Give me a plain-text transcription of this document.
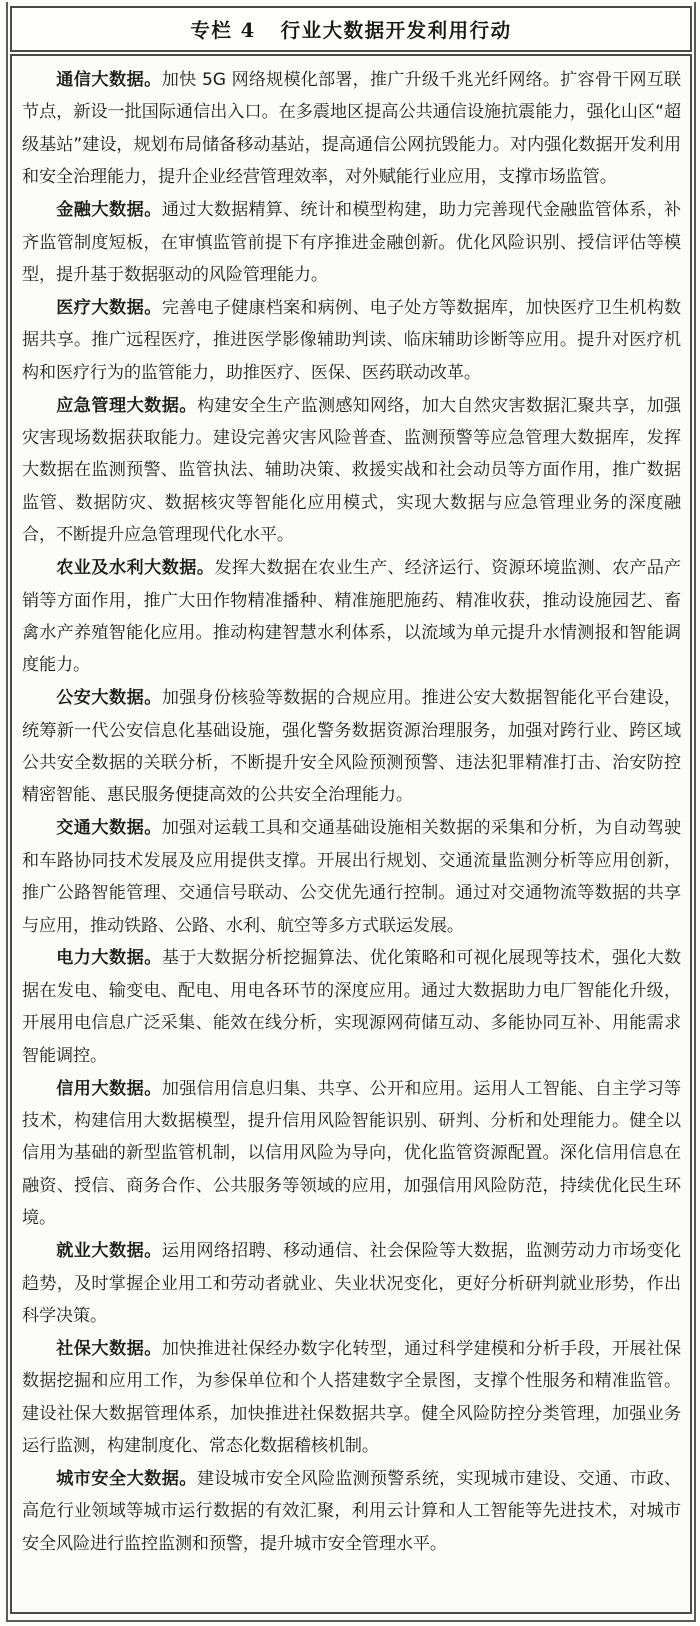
专栏 4   行业大数据开发利用行动

通信大数据。加快 5G 网络规模化部署，推广升级千兆光纤网络。扩容骨干网互联节点，新设一批国际通信出入口。在多震地区提高公共通信设施抗震能力，强化山区“超级基站”建设，规划布局储备移动基站，提高通信公网抗毁能力。对内强化数据开发利用和安全治理能力，提升企业经营管理效率，对外赋能行业应用，支撑市场监管。

金融大数据。通过大数据精算、统计和模型构建，助力完善现代金融监管体系，补齐监管制度短板，在审慎监管前提下有序推进金融创新。优化风险识别、授信评估等模型，提升基于数据驱动的风险管理能力。

医疗大数据。完善电子健康档案和病例、电子处方等数据库，加快医疗卫生机构数据共享。推广远程医疗，推进医学影像辅助判读、临床辅助诊断等应用。提升对医疗机构和医疗行为的监管能力，助推医疗、医保、医药联动改革。

应急管理大数据。构建安全生产监测感知网络，加大自然灾害数据汇聚共享，加强灾害现场数据获取能力。建设完善灾害风险普查、监测预警等应急管理大数据库，发挥大数据在监测预警、监管执法、辅助决策、救援实战和社会动员等方面作用，推广数据监管、数据防灾、数据核灾等智能化应用模式，实现大数据与应急管理业务的深度融合，不断提升应急管理现代化水平。

农业及水利大数据。发挥大数据在农业生产、经济运行、资源环境监测、农产品产销等方面作用，推广大田作物精准播种、精准施肥施药、精准收获，推动设施园艺、畜禽水产养殖智能化应用。推动构建智慧水利体系，以流域为单元提升水情测报和智能调度能力。

公安大数据。加强身份核验等数据的合规应用。推进公安大数据智能化平台建设，统筹新一代公安信息化基础设施，强化警务数据资源治理服务，加强对跨行业、跨区域公共安全数据的关联分析，不断提升安全风险预测预警、违法犯罪精准打击、治安防控精密智能、惠民服务便捷高效的公共安全治理能力。

交通大数据。加强对运载工具和交通基础设施相关数据的采集和分析，为自动驾驶和车路协同技术发展及应用提供支撑。开展出行规划、交通流量监测分析等应用创新，推广公路智能管理、交通信号联动、公交优先通行控制。通过对交通物流等数据的共享与应用，推动铁路、公路、水利、航空等多方式联运发展。

电力大数据。基于大数据分析挖掘算法、优化策略和可视化展现等技术，强化大数据在发电、输变电、配电、用电各环节的深度应用。通过大数据助力电厂智能化升级，开展用电信息广泛采集、能效在线分析，实现源网荷储互动、多能协同互补、用能需求智能调控。

信用大数据。加强信用信息归集、共享、公开和应用。运用人工智能、自主学习等技术，构建信用大数据模型，提升信用风险智能识别、研判、分析和处理能力。健全以信用为基础的新型监管机制，以信用风险为导向，优化监管资源配置。深化信用信息在融资、授信、商务合作、公共服务等领域的应用，加强信用风险防范，持续优化民生环境。

就业大数据。运用网络招聘、移动通信、社会保险等大数据，监测劳动力市场变化趋势，及时掌握企业用工和劳动者就业、失业状况变化，更好分析研判就业形势，作出科学决策。

社保大数据。加快推进社保经办数字化转型，通过科学建模和分析手段，开展社保数据挖掘和应用工作，为参保单位和个人搭建数字全景图，支撑个性服务和精准监管。建设社保大数据管理体系，加快推进社保数据共享。健全风险防控分类管理，加强业务运行监测，构建制度化、常态化数据稽核机制。

城市安全大数据。建设城市安全风险监测预警系统，实现城市建设、交通、市政、高危行业领域等城市运行数据的有效汇聚，利用云计算和人工智能等先进技术，对城市安全风险进行监控监测和预警，提升城市安全管理水平。
